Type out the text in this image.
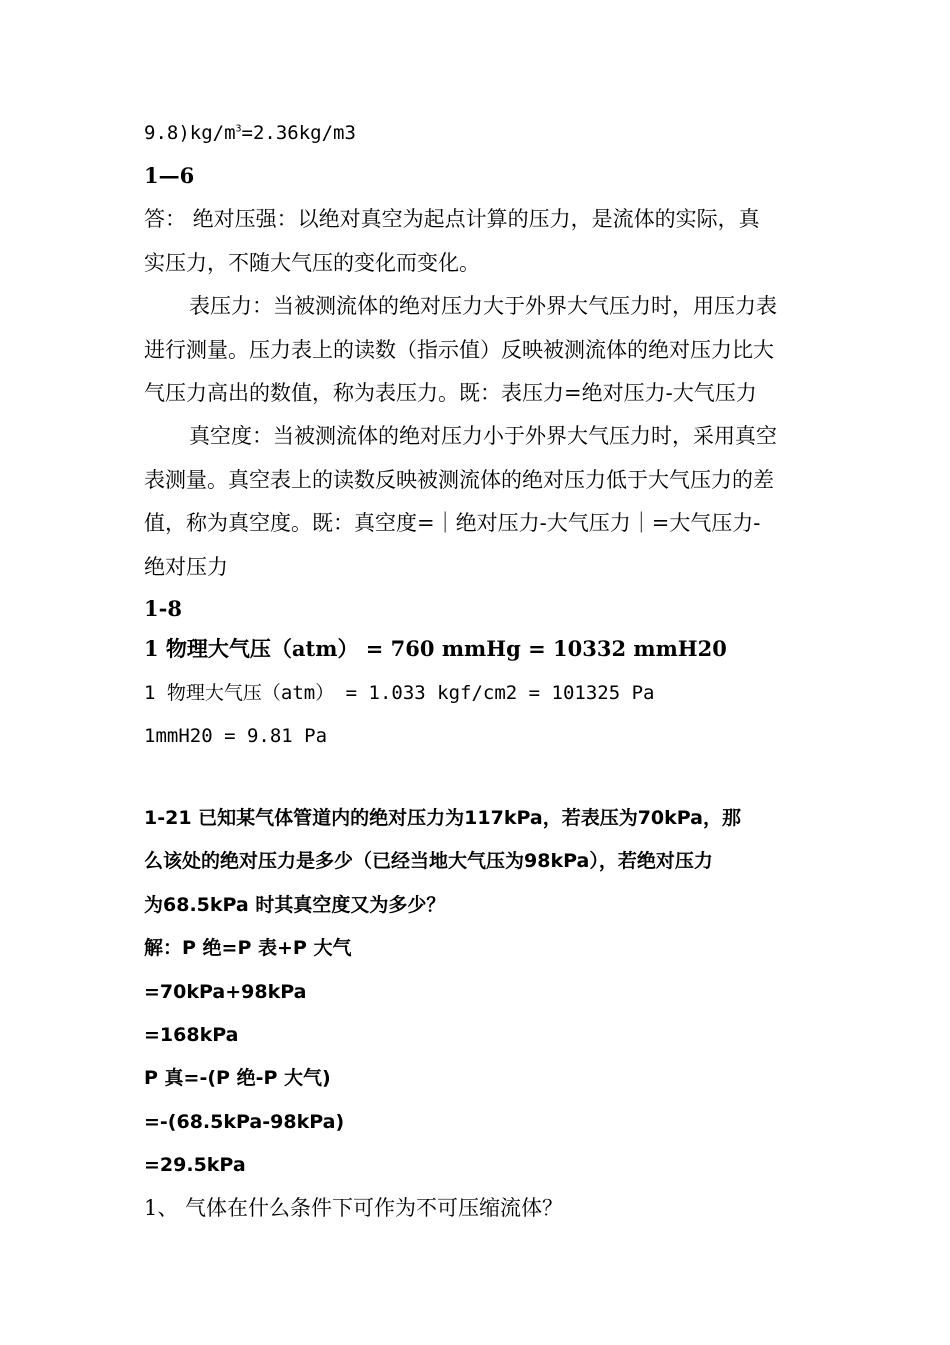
$9.8)kg/m^3=2.36kg/m3$
1—6
答： 绝对压强：以绝对真空为起点计算的压力，是流体的实际，真
实压力，不随大气压的变化而变化。
表压力：当被测流体的绝对压力大于外界大气压力时，用压力表
进行测量。压力表上的读数（指示值）反映被测流体的绝对压力比大
气压力高出的数值，称为表压力。既：表压力=绝对压力-大气压力
真空度：当被测流体的绝对压力小于外界大气压力时，采用真空
表测量。真空表上的读数反映被测流体的绝对压力低于大气压力的差
值，称为真空度。既：真空度=｜绝对压力-大气压力｜=大气压力-
绝对压力
1-8
1 物理大气压（atm） = 760 mmHg = 10332 mmH20
1 物理大气压（atm） = 1.033 kgf/cm2 = 101325 Pa
1mmH20 = 9.81 Pa
1-21 已知某气体管道内的绝对压力为117kPa，若表压为70kPa，那
么该处的绝对压力是多少（已经当地大气压为98kPa），若绝对压力
为68.5kPa 时其真空度又为多少？
解：P 绝=P 表+P 大气
=70kPa+98kPa
=168kPa
P 真=-(P 绝-P 大气)
=-(68.5kPa-98kPa)
=29.5kPa
1、 气体在什么条件下可作为不可压缩流体？
